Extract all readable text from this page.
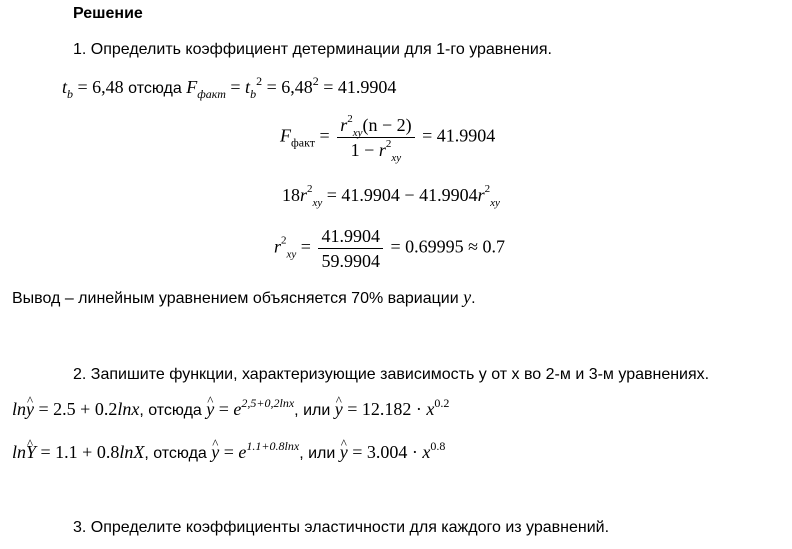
Решение
1. Определить коэффициент детерминации для 1-го уравнения.
$t_b = 6,48$ отсюда $F_{факт} = t_b^2 = 6,48^2 = 41.9904$
$F_{факт} = \frac{r^2_{xy}(n - 2)}{1 - r^2_{xy}} = 41.9904$
$18r^2_{xy} = 41.9904 - 41.9904r^2_{xy}$
$r^2_{xy} = \frac{41.9904}{59.9904} = 0.69995 \approx 0.7$
Вывод – линейным уравнением объясняется 70% вариации y.
2. Запишите функции, характеризующие зависимость у от х во 2-м и 3-м уравнениях.
ln^ y = 2.5 + 0.2lnx, отсюда ^ $y = e^{2,5+0,2lnx}$, или ^ $y = 12.182 \cdot x^{0.2}$
ln^ Y = 1.1 + 0.8lnX, отсюда ^ $y = e^{1.1+0.8lnx}$, или ^ $y = 3.004 \cdot x^{0.8}$
3. Определите коэффициенты эластичности для каждого из уравнений.
